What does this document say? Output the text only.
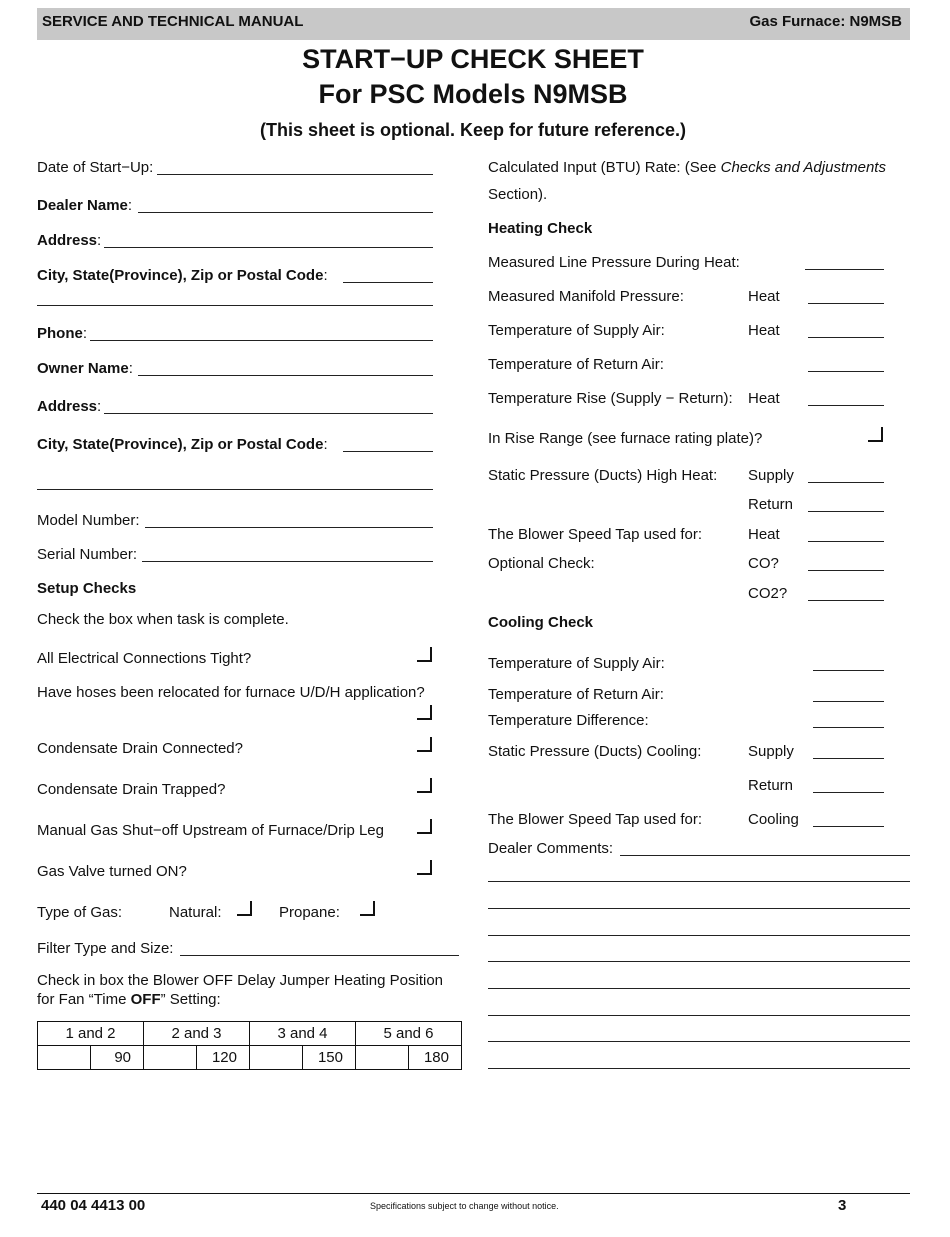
SERVICE AND TECHNICAL MANUAL	Gas Furnace: N9MSB
START−UP CHECK SHEET
For PSC Models N9MSB
(This sheet is optional. Keep for future reference.)
Date of Start−Up:
Dealer Name:
Address:
City, State(Province), Zip or Postal Code:
Phone:
Owner Name:
Address:
City, State(Province), Zip or Postal Code:
Model Number:
Serial Number:
Setup Checks
Check the box when task is complete.
All Electrical Connections Tight?
Have hoses been relocated for furnace U/D/H application?
Condensate Drain Connected?
Condensate Drain Trapped?
Manual Gas Shut−off Upstream of Furnace/Drip Leg
Gas Valve turned ON?
Type of Gas:	Natural:	Propane:
Filter Type and Size:
Check in box the Blower OFF Delay Jumper Heating Position
for Fan “Time OFF” Setting:
1 and 2		2 and 3		3 and 4		5 and 6	
	90		120		150		180
Calculated Input (BTU) Rate: (See Checks and Adjustments
Section).
Heating Check
Measured Line Pressure During Heat:
Measured Manifold Pressure:	Heat
Temperature of Supply Air:	Heat
Temperature of Return Air:
Temperature Rise (Supply − Return): Heat
In Rise Range (see furnace rating plate)?
Static Pressure (Ducts) High Heat: Supply
Return
The Blower Speed Tap used for:	Heat
Optional Check:	CO?
CO2?
Cooling Check
Temperature of Supply Air:
Temperature of Return Air:
Temperature Difference:
Static Pressure (Ducts) Cooling:	Supply
Return
The Blower Speed Tap used for:	Cooling
Dealer Comments:
440 04 4413 00	Specifications subject to change without notice.	3
